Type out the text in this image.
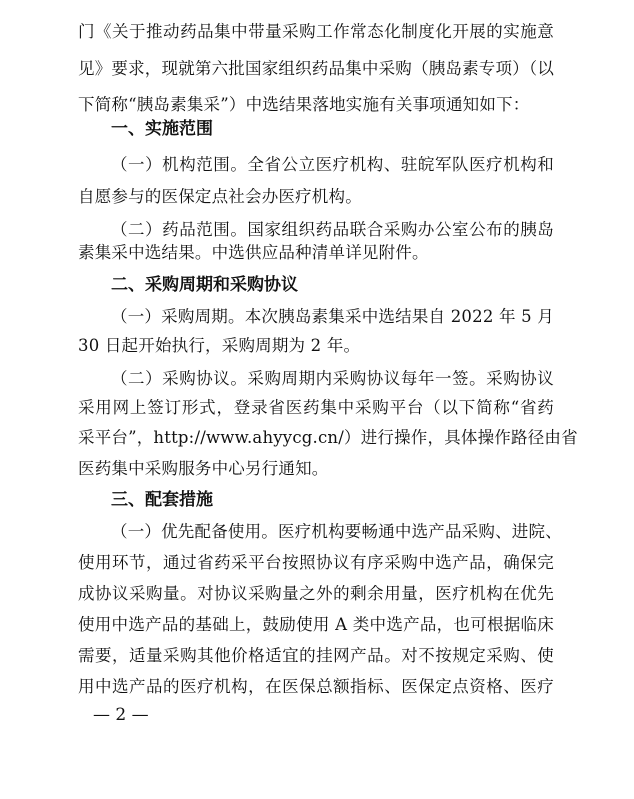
门《关于推动药品集中带量采购工作常态化制度化开展的实施意
见》要求，现就第六批国家组织药品集中采购（胰岛素专项）（以
下简称“胰岛素集采”）中选结果落地实施有关事项通知如下：
一、实施范围
（一）机构范围。全省公立医疗机构、驻皖军队医疗机构和
自愿参与的医保定点社会办医疗机构。
（二）药品范围。国家组织药品联合采购办公室公布的胰岛
素集采中选结果。中选供应品种清单详见附件。
二、采购周期和采购协议
（一）采购周期。本次胰岛素集采中选结果自 2022 年 5 月
30 日起开始执行，采购周期为 2 年。
（二）采购协议。采购周期内采购协议每年一签。采购协议
采用网上签订形式，登录省医药集中采购平台（以下简称“省药
采平台”，http://www.ahyycg.cn/）进行操作，具体操作路径由省
医药集中采购服务中心另行通知。
三、配套措施
（一）优先配备使用。医疗机构要畅通中选产品采购、进院、
使用环节，通过省药采平台按照协议有序采购中选产品，确保完
成协议采购量。对协议采购量之外的剩余用量，医疗机构在优先
使用中选产品的基础上，鼓励使用 A 类中选产品，也可根据临床
需要，适量采购其他价格适宜的挂网产品。对不按规定采购、使
用中选产品的医疗机构，在医保总额指标、医保定点资格、医疗
— 2 —
